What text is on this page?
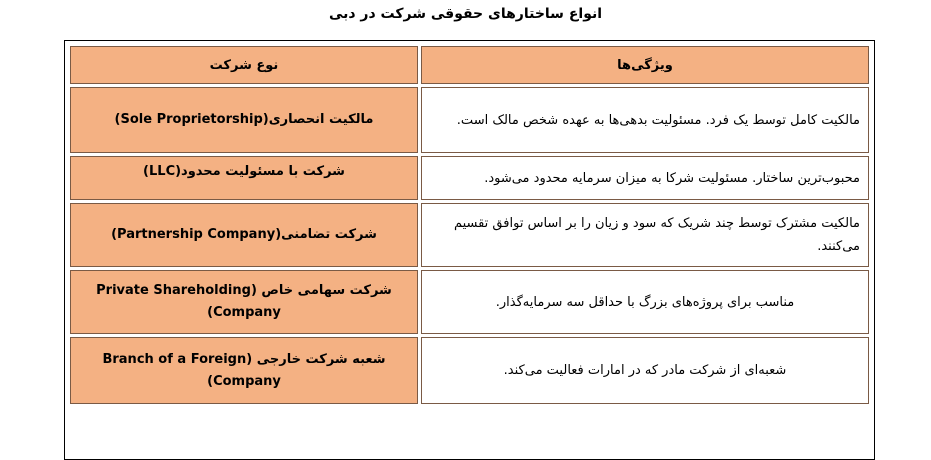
انواع ساختارهای حقوقی شرکت در دبی
ویژگی‌ها	نوع شرکت
مالکیت کامل توسط یک فرد. مسئولیت بدهی‌ها به عهده شخص مالک است.	مالکیت انحصاری(Sole Proprietorship)
محبوب‌ترین ساختار. مسئولیت شرکا به میزان سرمایه محدود می‌شود.	شرکت با مسئولیت محدود(LLC)
مالکیت مشترک توسط چند شریک که سود و زیان را بر اساس توافق تقسیم می‌کنند.	شرکت تضامنی(Partnership Company)
مناسب برای پروژه‌های بزرگ با حداقل سه سرمایه‌گذار.	شرکت سهامی خاص (Private Shareholding Company)
شعبه‌ای از شرکت مادر که در امارات فعالیت می‌کند.	شعبه شرکت خارجی (Branch of a Foreign Company)
